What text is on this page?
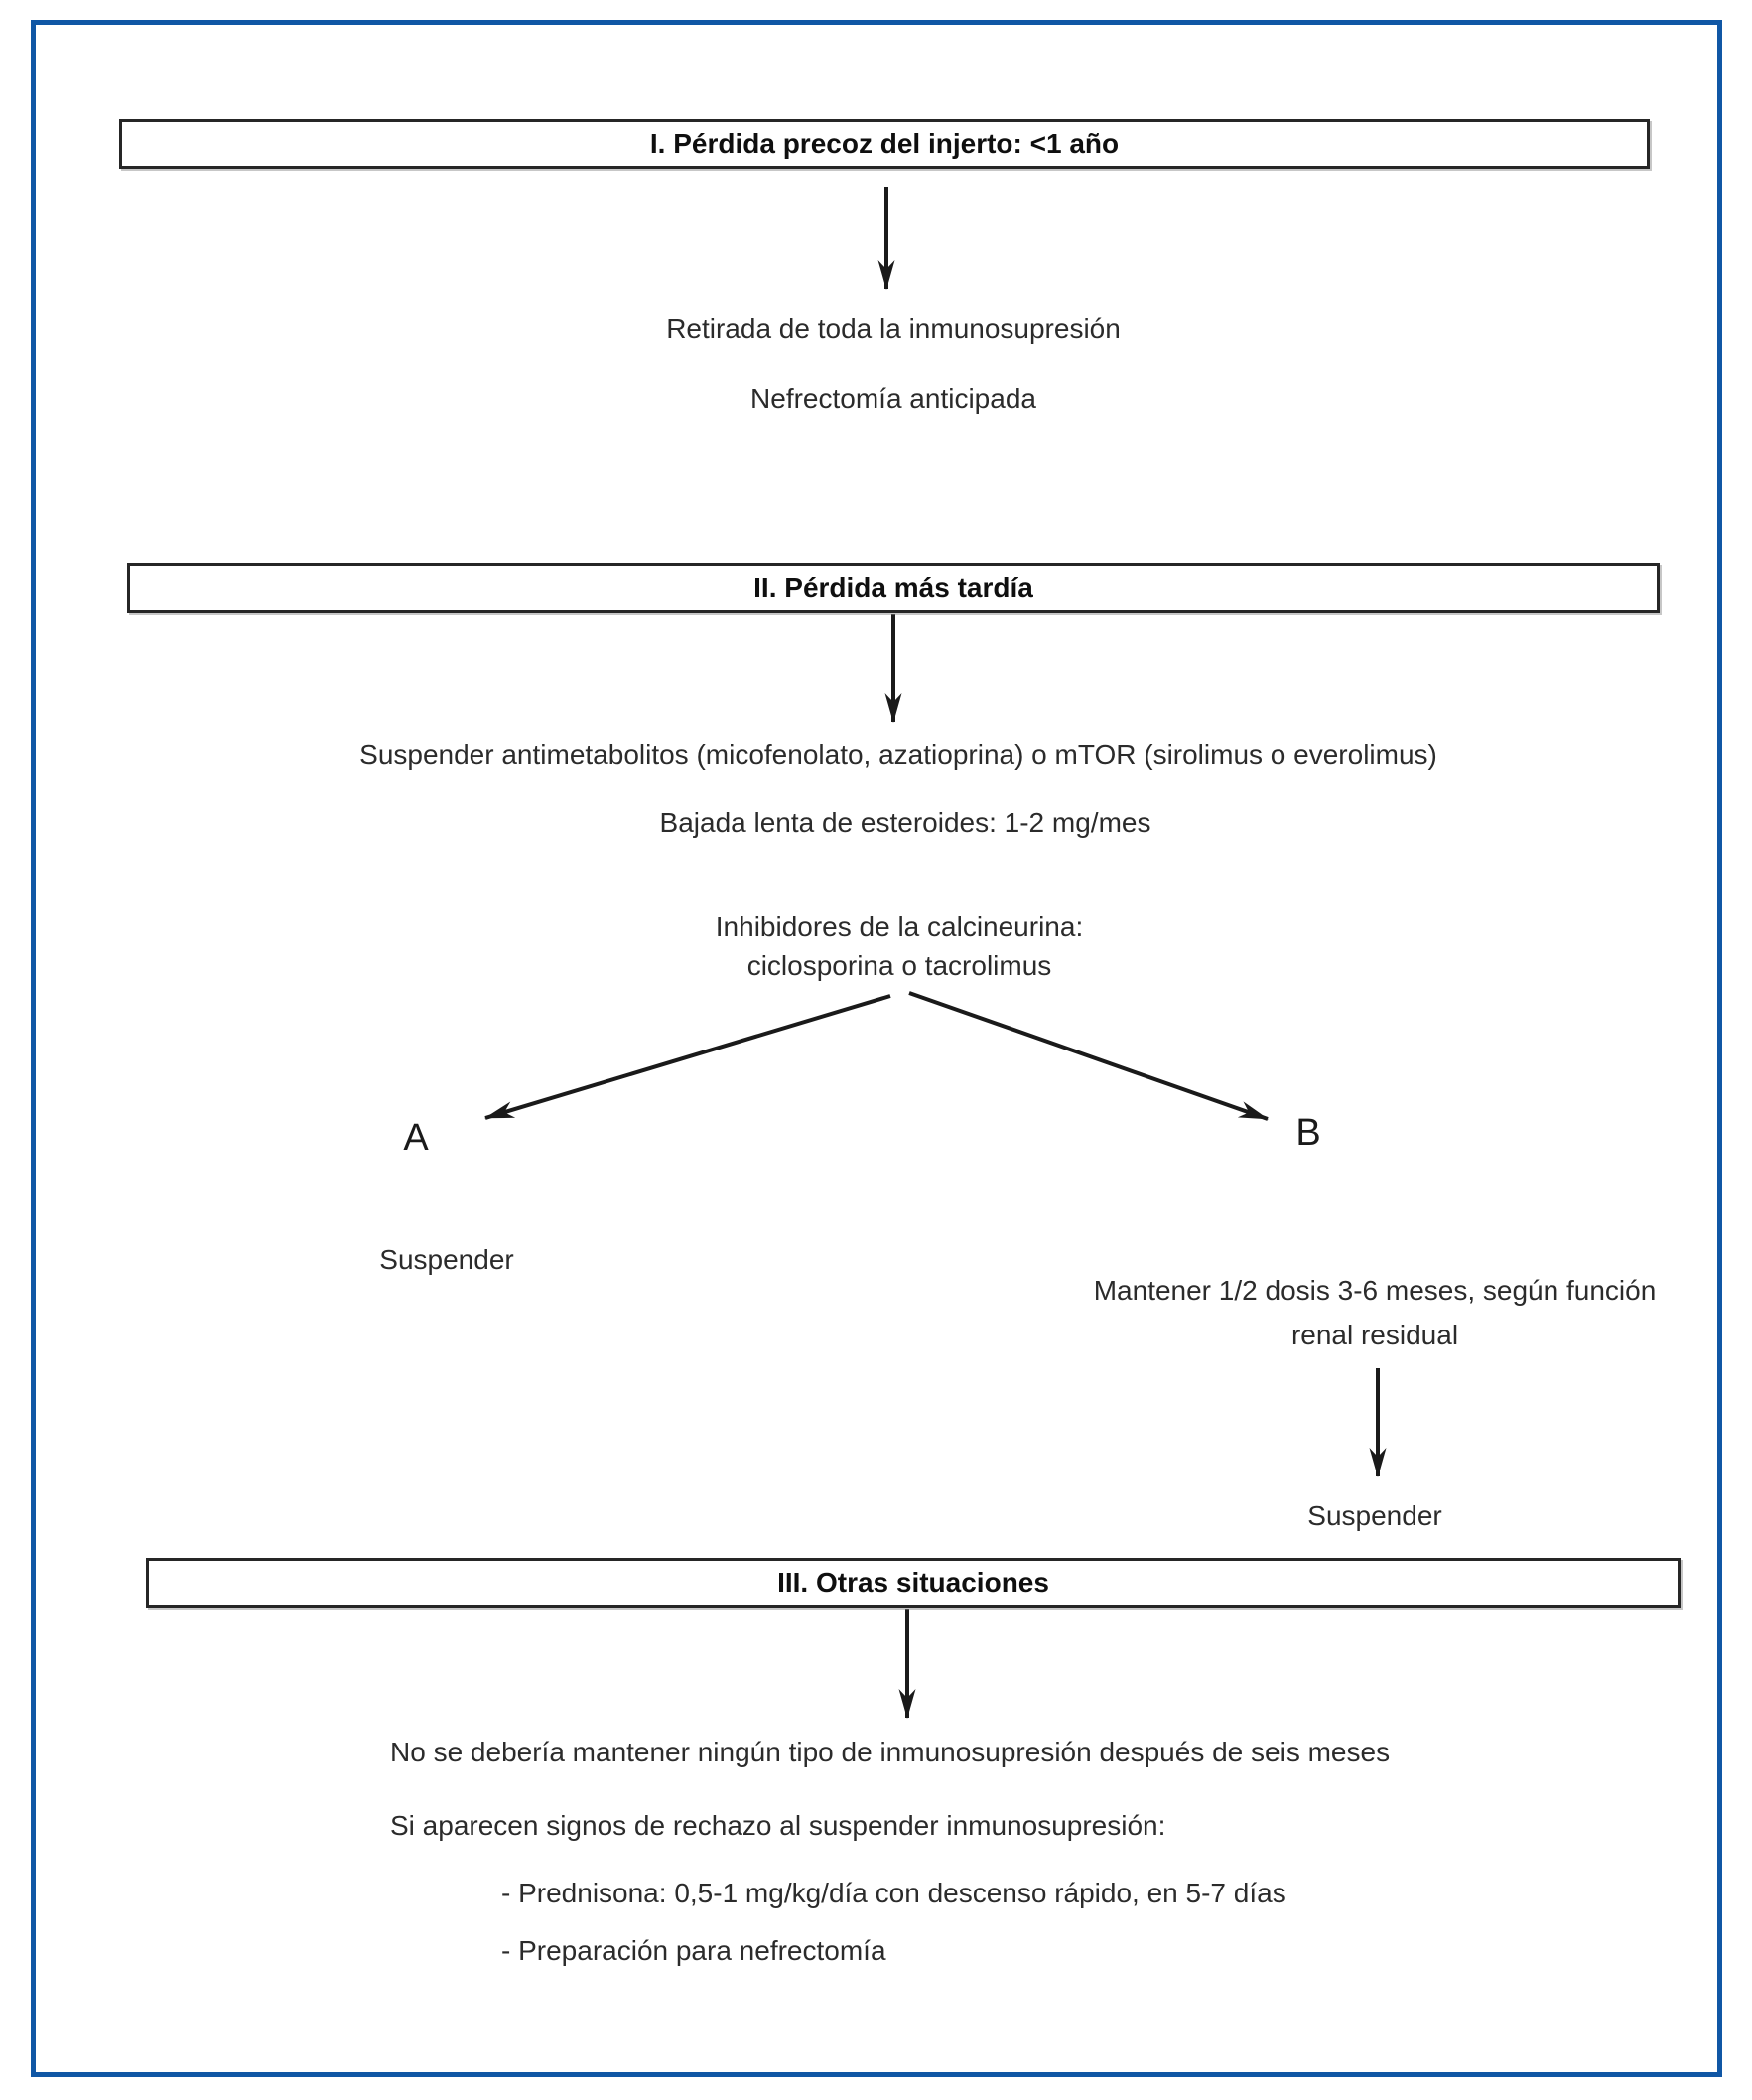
I. Pérdida precoz del injerto: <1 año
Retirada de toda la inmunosupresión
Nefrectomía anticipada
II. Pérdida más tardía
Suspender antimetabolitos (micofenolato, azatioprina) o mTOR (sirolimus o everolimus)
Bajada lenta de esteroides: 1-2 mg/mes
Inhibidores de la calcineurina:
ciclosporina o tacrolimus
A	B
Suspender
Mantener 1/2 dosis 3-6 meses, según función
renal residual
Suspender
III. Otras situaciones
No se debería mantener ningún tipo de inmunosupresión después de seis meses
Si aparecen signos de rechazo al suspender inmunosupresión:
- Prednisona: 0,5-1 mg/kg/día con descenso rápido, en 5-7 días
- Preparación para nefrectomía
